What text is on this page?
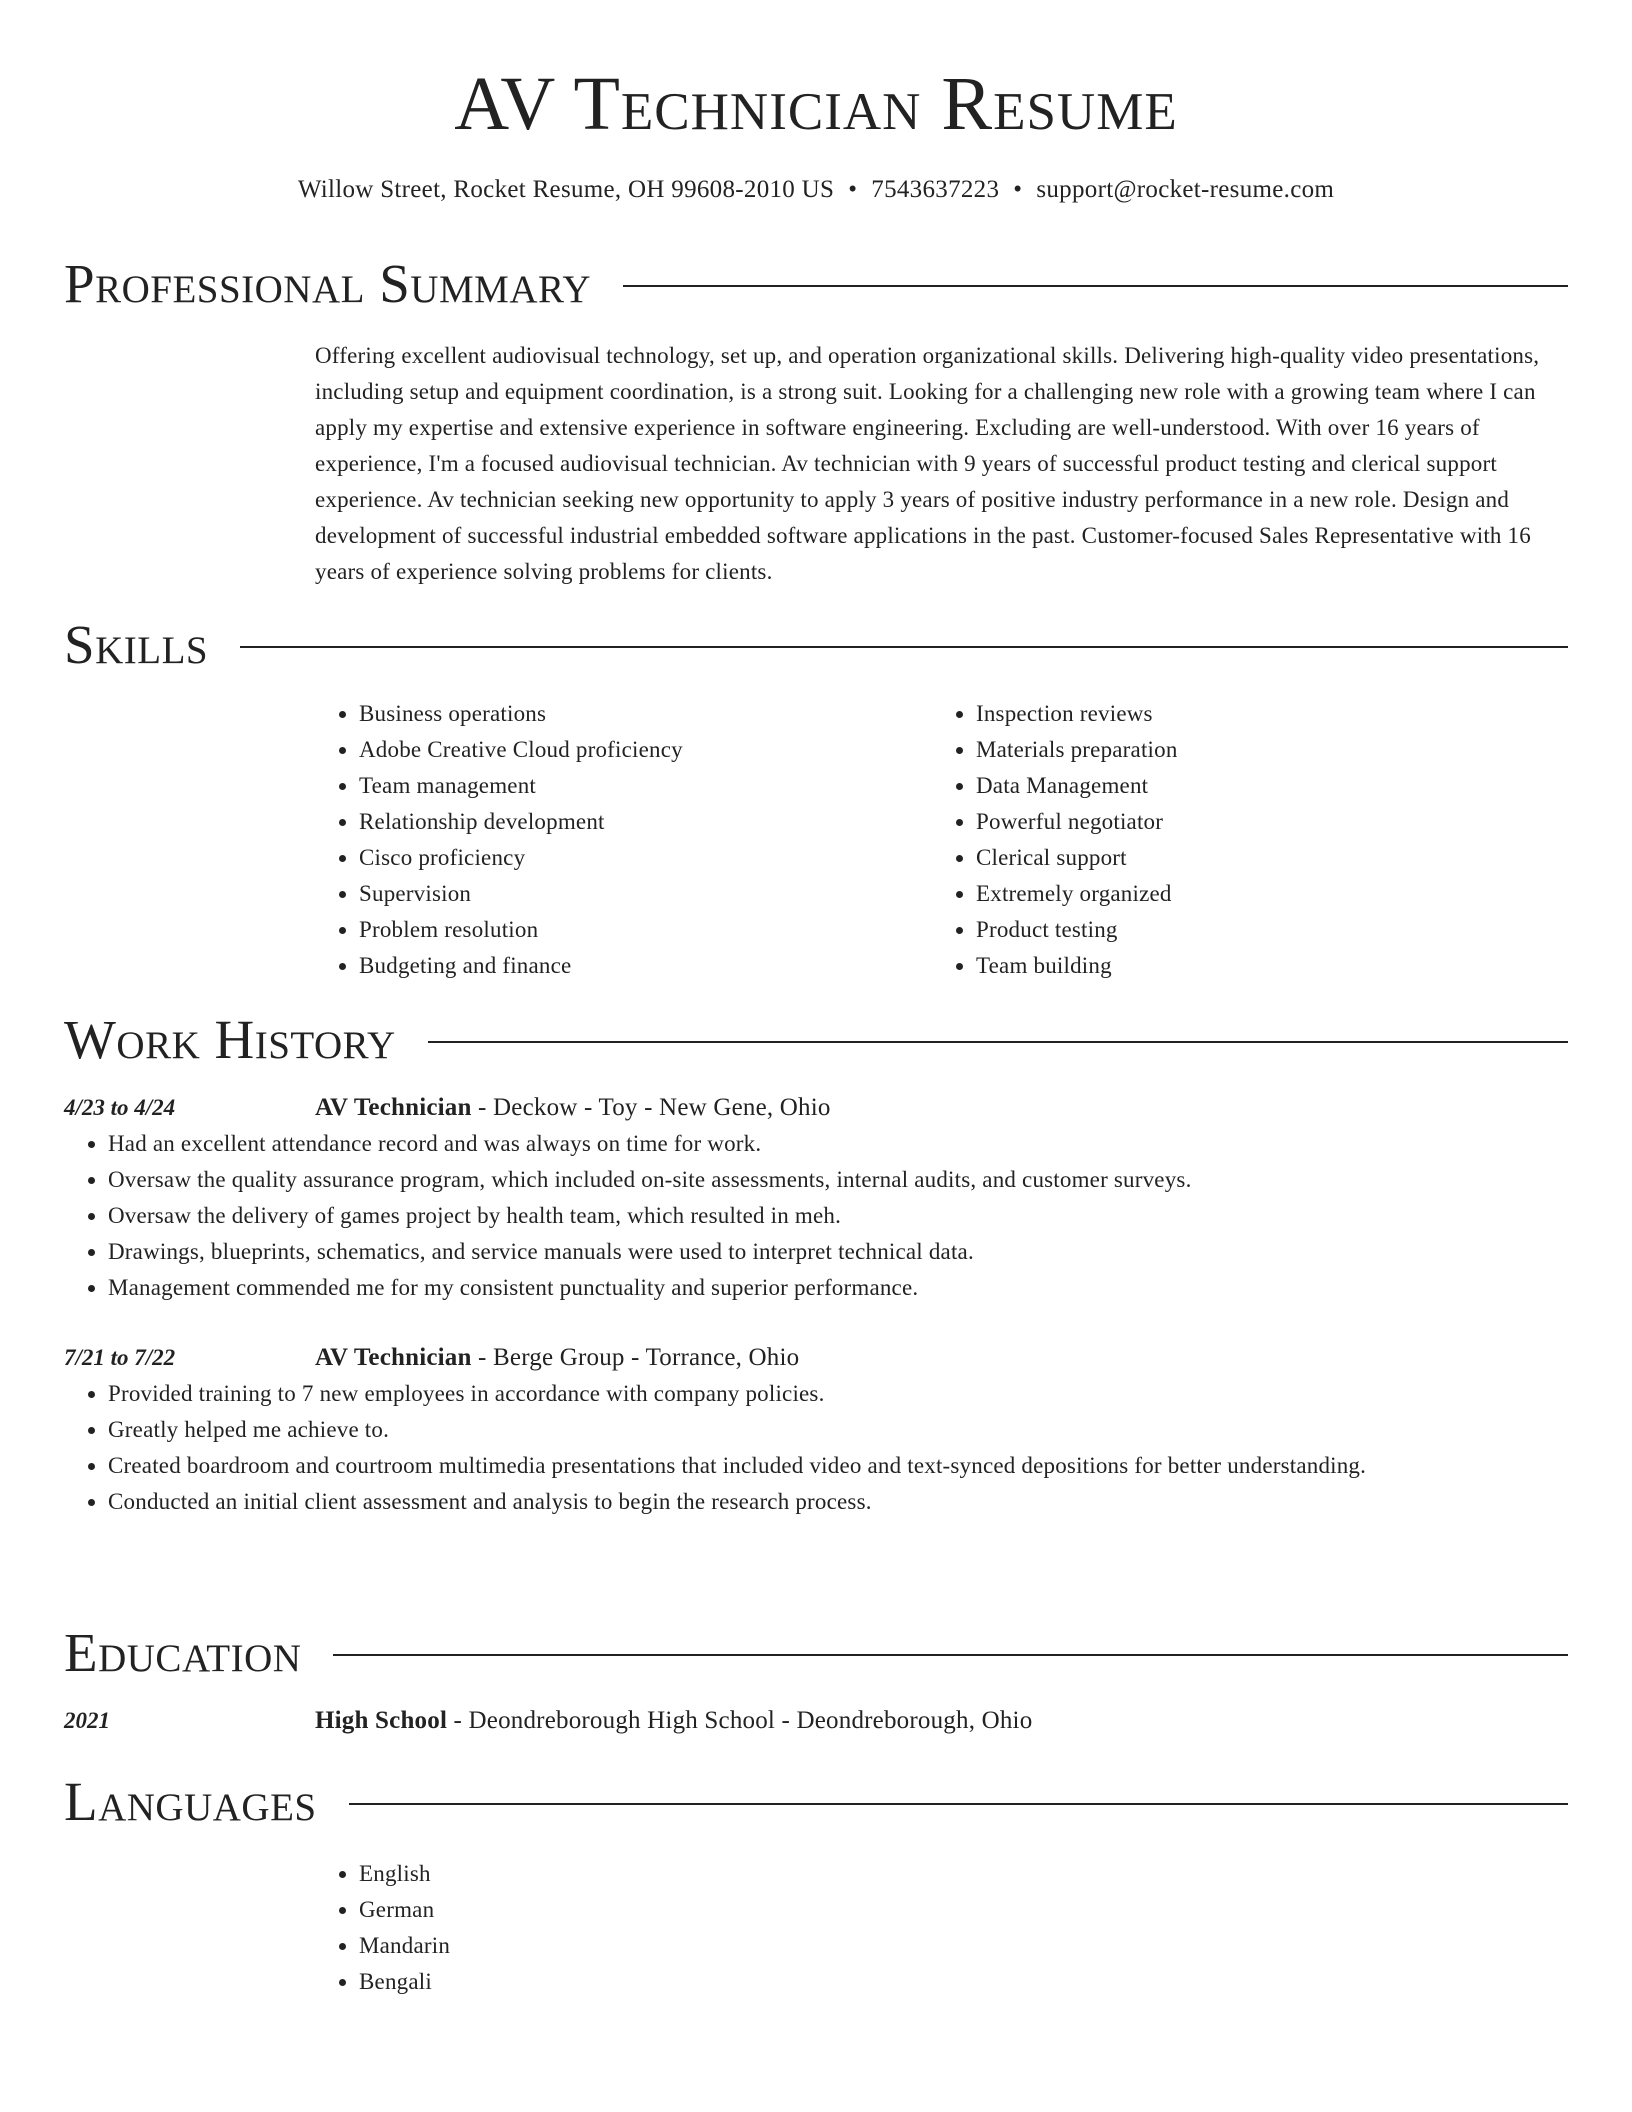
AV Technician Resume
Willow Street, Rocket Resume, OH 99608-2010 US • 7543637223 • support@rocket-resume.com
Professional Summary

Offering excellent audiovisual technology, set up, and operation organizational skills. Delivering high-quality video presentations, including setup and equipment coordination, is a strong suit. Looking for a challenging new role with a growing team where I can apply my expertise and extensive experience in software engineering. Excluding are well-understood. With over 16 years of experience, I'm a focused audiovisual technician. Av technician with 9 years of successful product testing and clerical support experience. Av technician seeking new opportunity to apply 3 years of positive industry performance in a new role. Design and development of successful industrial embedded software applications in the past. Customer-focused Sales Representative with 16 years of experience solving problems for clients.

Skills
• Business operations
• Adobe Creative Cloud proficiency
• Team management
• Relationship development
• Cisco proficiency
• Supervision
• Problem resolution
• Budgeting and finance
• Inspection reviews
• Materials preparation
• Data Management
• Powerful negotiator
• Clerical support
• Extremely organized
• Product testing
• Team building
Work History
4/23 to 4/24	AV Technician - Deckow - Toy - New Gene, Ohio
• Had an excellent attendance record and was always on time for work.
• Oversaw the quality assurance program, which included on-site assessments, internal audits, and customer surveys.
• Oversaw the delivery of games project by health team, which resulted in meh.
• Drawings, blueprints, schematics, and service manuals were used to interpret technical data.
• Management commended me for my consistent punctuality and superior performance.
7/21 to 7/22	AV Technician - Berge Group - Torrance, Ohio
• Provided training to 7 new employees in accordance with company policies.
• Greatly helped me achieve to.
• Created boardroom and courtroom multimedia presentations that included video and text-synced depositions for better understanding.
• Conducted an initial client assessment and analysis to begin the research process.
Education
2021	High School - Deondreborough High School - Deondreborough, Ohio
Languages
• English
• German
• Mandarin
• Bengali
